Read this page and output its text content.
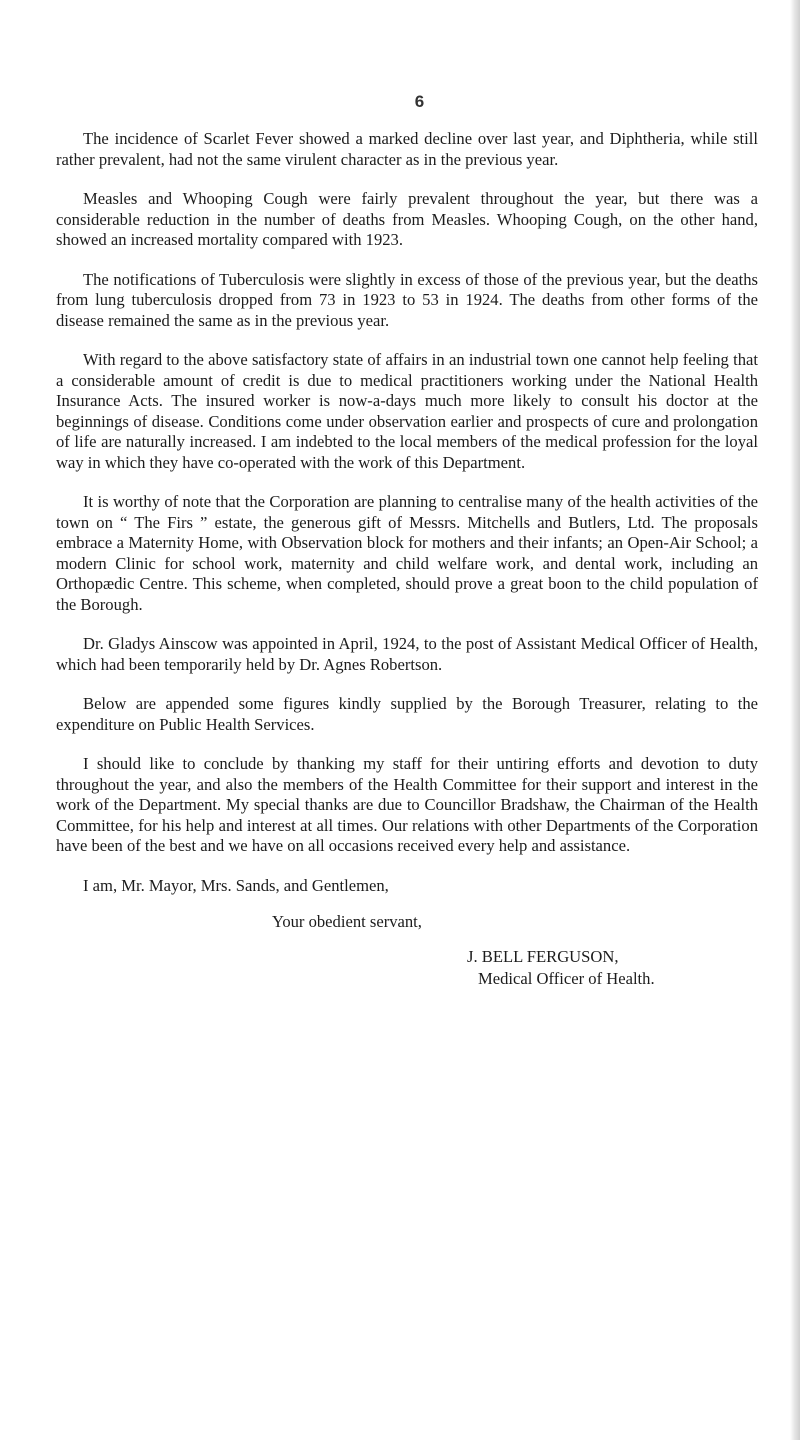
6

The incidence of Scarlet Fever showed a marked decline over last year, and Diphtheria, while still rather prevalent, had not the same virulent character as in the previous year.

Measles and Whooping Cough were fairly prevalent throughout the year, but there was a considerable reduction in the number of deaths from Measles. Whooping Cough, on the other hand, showed an increased mortality compared with 1923.

The notifications of Tuberculosis were slightly in excess of those of the previous year, but the deaths from lung tuberculosis dropped from 73 in 1923 to 53 in 1924. The deaths from other forms of the disease remained the same as in the previous year.

With regard to the above satisfactory state of affairs in an industrial town one cannot help feeling that a considerable amount of credit is due to medical practitioners working under the National Health Insurance Acts. The insured worker is now-a-days much more likely to consult his doctor at the beginnings of disease. Conditions come under observation earlier and prospects of cure and prolongation of life are naturally increased. I am indebted to the local members of the medical profession for the loyal way in which they have co-operated with the work of this Department.

It is worthy of note that the Corporation are planning to centralise many of the health activities of the town on “ The Firs ” estate, the generous gift of Messrs. Mitchells and Butlers, Ltd. The proposals embrace a Maternity Home, with Observation block for mothers and their infants; an Open-Air School; a modern Clinic for school work, maternity and child welfare work, and dental work, including an Orthopædic Centre. This scheme, when completed, should prove a great boon to the child population of the Borough.

Dr. Gladys Ainscow was appointed in April, 1924, to the post of Assistant Medical Officer of Health, which had been temporarily held by Dr. Agnes Robertson.

Below are appended some figures kindly supplied by the Borough Treasurer, relating to the expenditure on Public Health Services.

I should like to conclude by thanking my staff for their untiring efforts and devotion to duty throughout the year, and also the members of the Health Committee for their support and interest in the work of the Department. My special thanks are due to Councillor Bradshaw, the Chairman of the Health Committee, for his help and interest at all times. Our relations with other Departments of the Corporation have been of the best and we have on all occasions received every help and assistance.

I am, Mr. Mayor, Mrs. Sands, and Gentlemen,
Your obedient servant,
J. BELL FERGUSON,
Medical Officer of Health.
